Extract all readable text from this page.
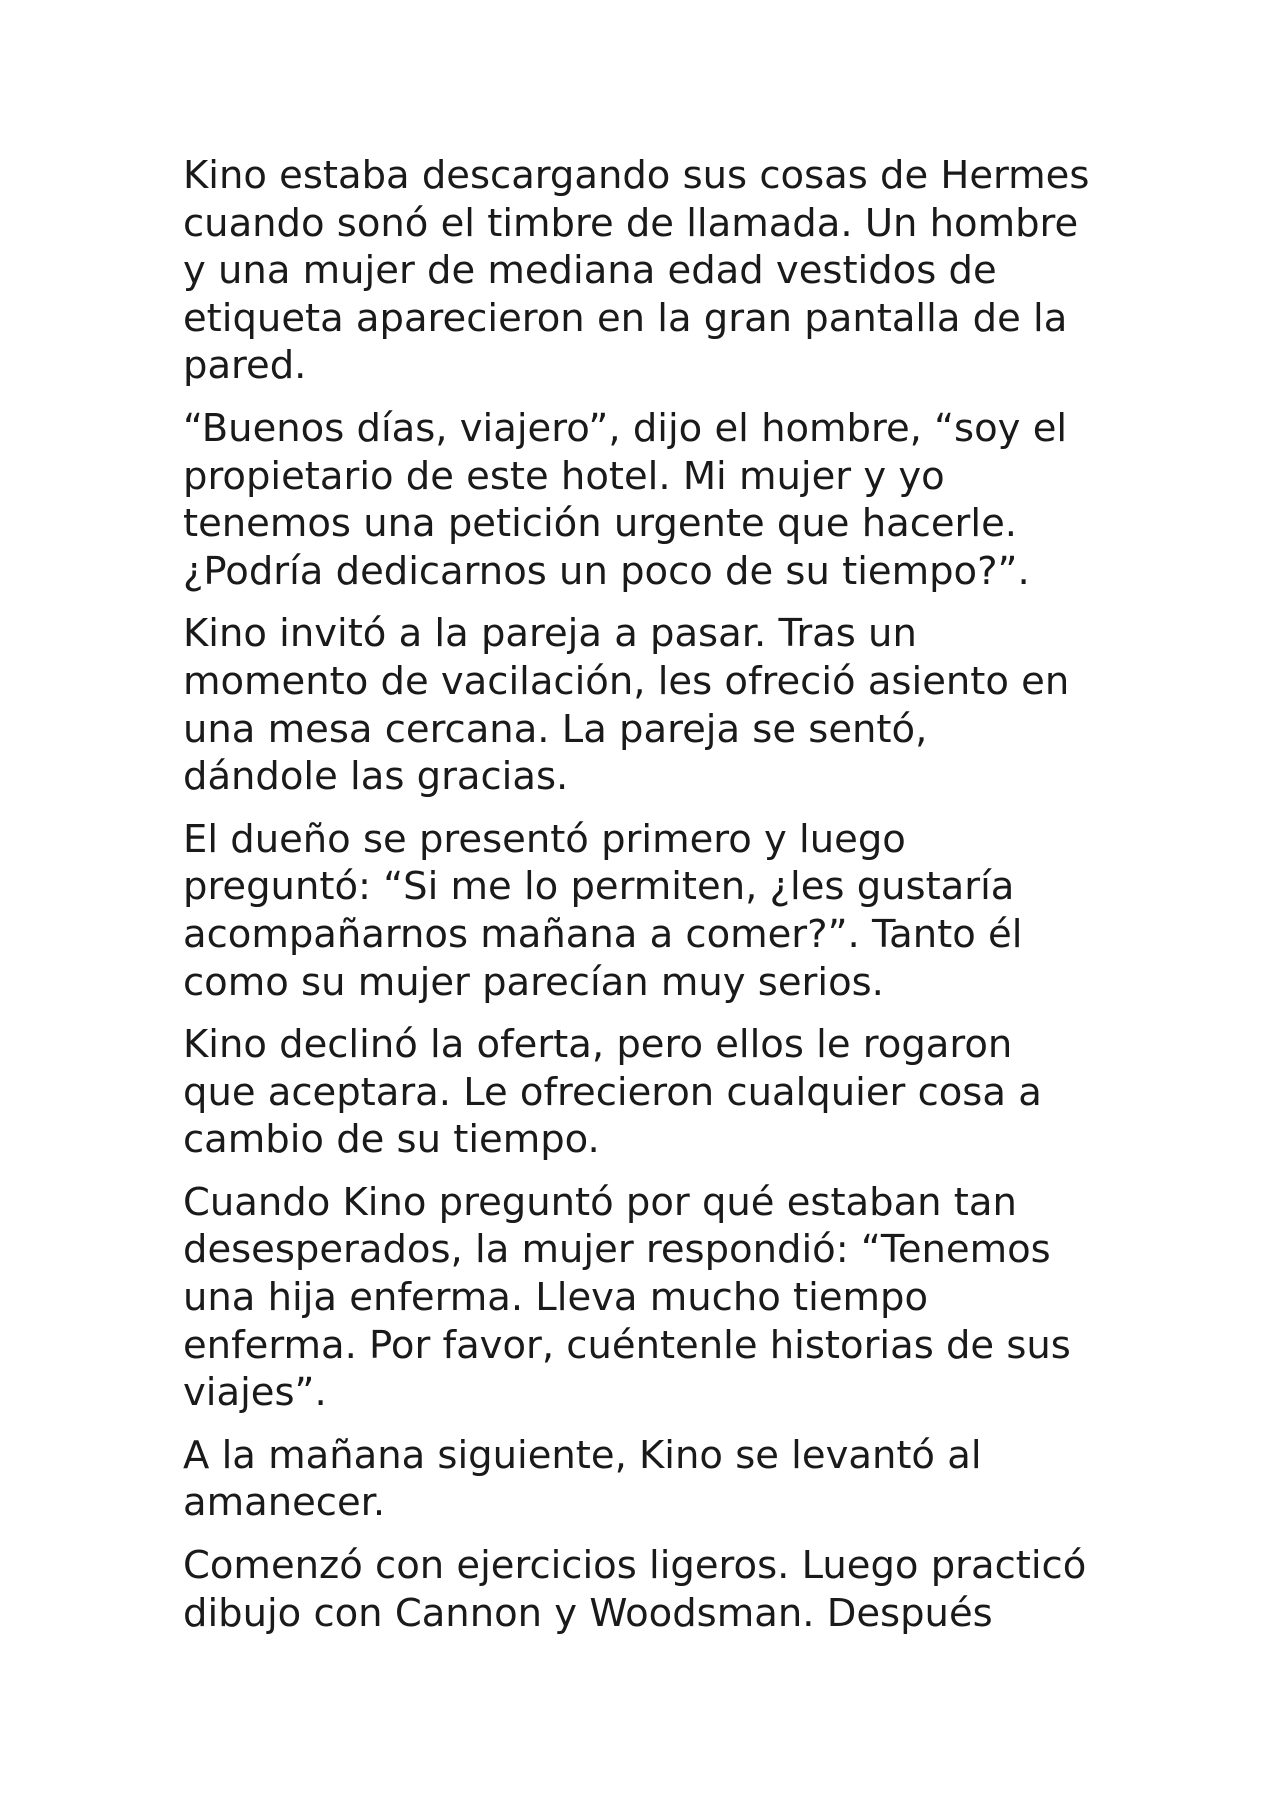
Kino estaba descargando sus cosas de Hermes
cuando sonó el timbre de llamada. Un hombre
y una mujer de mediana edad vestidos de
etiqueta aparecieron en la gran pantalla de la
pared.

“Buenos días, viajero”, dijo el hombre, “soy el
propietario de este hotel. Mi mujer y yo
tenemos una petición urgente que hacerle.
¿Podría dedicarnos un poco de su tiempo?”.

Kino invitó a la pareja a pasar. Tras un
momento de vacilación, les ofreció asiento en
una mesa cercana. La pareja se sentó,
dándole las gracias.

El dueño se presentó primero y luego
preguntó: “Si me lo permiten, ¿les gustaría
acompañarnos mañana a comer?”. Tanto él
como su mujer parecían muy serios.

Kino declinó la oferta, pero ellos le rogaron
que aceptara. Le ofrecieron cualquier cosa a
cambio de su tiempo.

Cuando Kino preguntó por qué estaban tan
desesperados, la mujer respondió: “Tenemos
una hija enferma. Lleva mucho tiempo
enferma. Por favor, cuéntenle historias de sus
viajes”.

A la mañana siguiente, Kino se levantó al
amanecer.

Comenzó con ejercicios ligeros. Luego practicó
dibujo con Cannon y Woodsman. Después
